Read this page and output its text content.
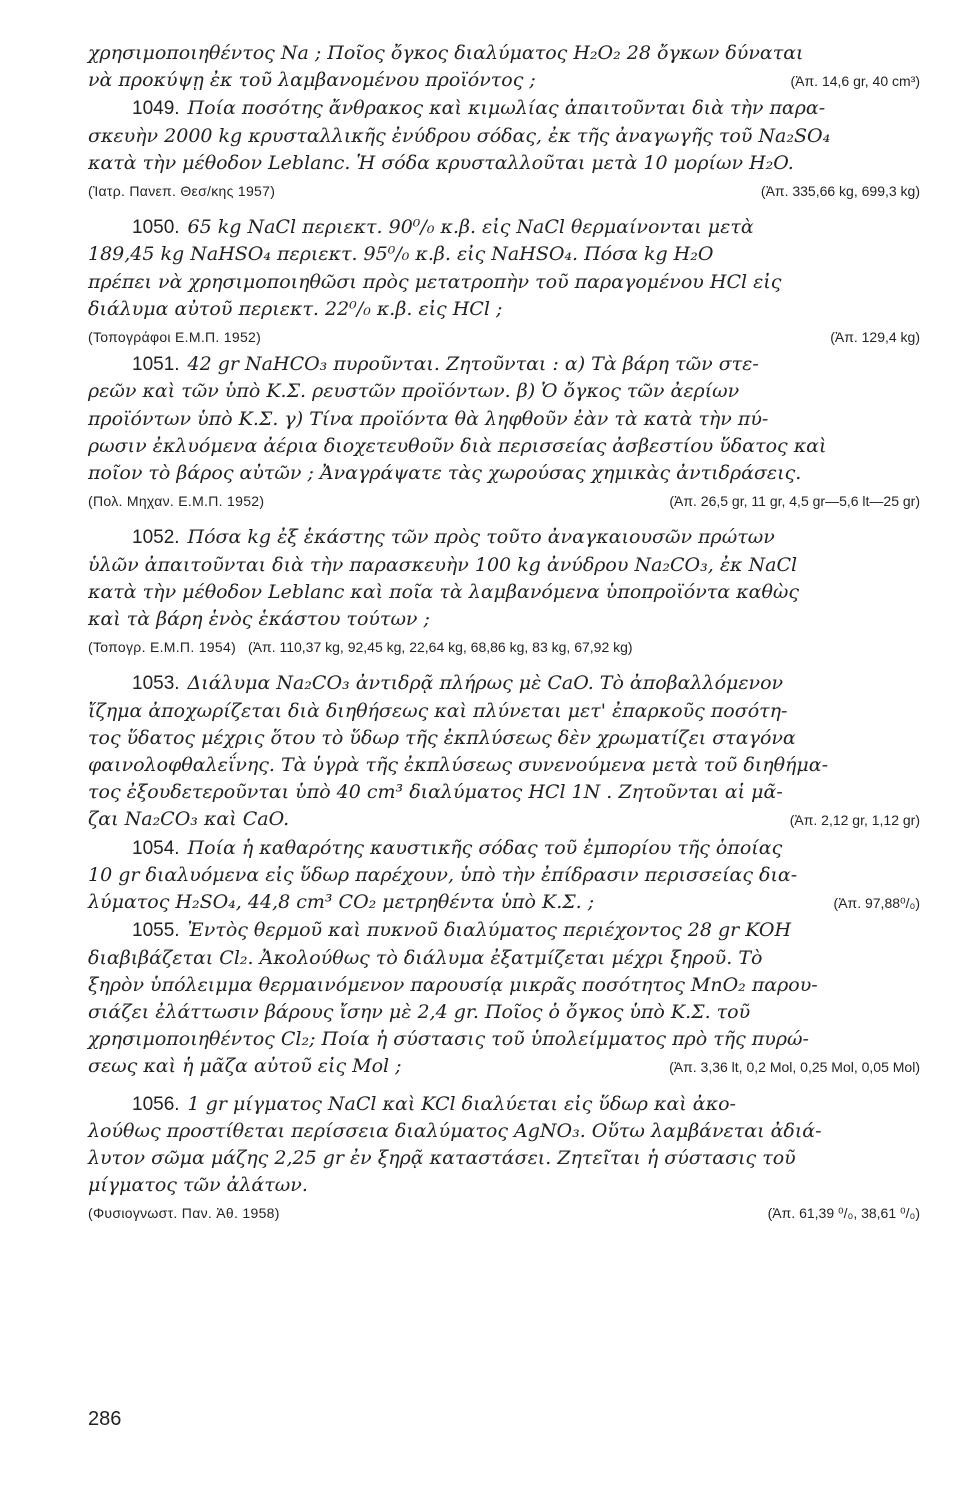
χρησιμοποιηθέντος Na ; Ποῖος ὄγκος διαλύματος H₂O₂ 28 ὄγκων δύναται
νὰ προκύψῃ ἐκ τοῦ λαμβανομένου προϊόντος ;	(Ἀπ. 14,6 gr, 40 cm³)
1049. Ποία ποσότης ἄνθρακος καὶ κιμωλίας ἀπαιτοῦνται διὰ τὴν παρα-
σκευὴν 2000 kg κρυσταλλικῆς ἐνύδρου σόδας, ἐκ τῆς ἀναγωγῆς τοῦ Na₂SO₄
κατὰ τὴν μέθοδον Leblanc. Ἡ σόδα κρυσταλλοῦται μετὰ 10 μορίων H₂O.
(Ἰατρ. Πανεπ. Θεσ/κης 1957)	(Ἀπ. 335,66 kg, 699,3 kg)
1050. 65 kg NaCl περιεκτ. 90⁰/₀ κ.β. εἰς NaCl θερμαίνονται μετὰ
189,45 kg NaHSO₄ περιεκτ. 95⁰/₀ κ.β. εἰς NaHSO₄. Πόσα kg H₂O
πρέπει νὰ χρησιμοποιηθῶσι πρὸς μετατροπὴν τοῦ παραγομένου HCl εἰς
διάλυμα αὐτοῦ περιεκτ. 22⁰/₀ κ.β. εἰς HCl ;
(Τοπογράφοι Ε.Μ.Π. 1952)	(Ἀπ. 129,4 kg)
1051. 42 gr NaHCO₃ πυροῦνται. Ζητοῦνται : α) Τὰ βάρη τῶν στε-
ρεῶν καὶ τῶν ὑπὸ Κ.Σ. ρευστῶν προϊόντων. β) Ὁ ὄγκος τῶν ἀερίων
προϊόντων ὑπὸ Κ.Σ. γ) Τίνα προϊόντα θὰ ληφθοῦν ἐὰν τὰ κατὰ τὴν πύ-
ρωσιν ἐκλυόμενα ἀέρια διοχετευθοῦν διὰ περισσείας ἀσβεστίου ὕδατος καὶ
ποῖον τὸ βάρος αὐτῶν ; Ἀναγράψατε τὰς χωρούσας χημικὰς ἀντιδράσεις.
(Πολ. Μηχαν. Ε.Μ.Π. 1952)	(Ἀπ. 26,5 gr, 11 gr, 4,5 gr—5,6 lt—25 gr)
1052. Πόσα kg ἐξ ἑκάστης τῶν πρὸς τοῦτο ἀναγκαιουσῶν πρώτων
ὑλῶν ἀπαιτοῦνται διὰ τὴν παρασκευὴν 100 kg ἀνύδρου Na₂CO₃, ἐκ NaCl
κατὰ τὴν μέθοδον Leblanc καὶ ποῖα τὰ λαμβανόμενα ὑποπροϊόντα καθὼς
καὶ τὰ βάρη ἑνὸς ἑκάστου τούτων ;
(Τοπογρ. Ε.Μ.Π. 1954) (Ἀπ. 110,37 kg, 92,45 kg, 22,64 kg, 68,86 kg, 83 kg, 67,92 kg)
1053. Διάλυμα Na₂CO₃ ἀντιδρᾷ πλήρως μὲ CaO. Τὸ ἀποβαλλόμενον
ἴζημα ἀποχωρίζεται διὰ διηθήσεως καὶ πλύνεται μετ' ἐπαρκοῦς ποσότη-
τος ὕδατος μέχρις ὅτου τὸ ὕδωρ τῆς ἐκπλύσεως δὲν χρωματίζει σταγόνα
φαινολοφθαλεΐνης. Τὰ ὑγρὰ τῆς ἐκπλύσεως συνενούμενα μετὰ τοῦ διηθήμα-
τος ἐξουδετεροῦνται ὑπὸ 40 cm³ διαλύματος HCl 1N . Ζητοῦνται αἱ μᾶ-
ζαι Na₂CO₃ καὶ CaO.	(Ἀπ. 2,12 gr, 1,12 gr)
1054. Ποία ἡ καθαρότης καυστικῆς σόδας τοῦ ἐμπορίου τῆς ὁποίας
10 gr διαλυόμενα εἰς ὕδωρ παρέχουν, ὑπὸ τὴν ἐπίδρασιν περισσείας δια-
λύματος H₂SO₄, 44,8 cm³ CO₂ μετρηθέντα ὑπὸ Κ.Σ. ;	(Ἀπ. 97,88⁰/₀)
1055. Ἐντὸς θερμοῦ καὶ πυκνοῦ διαλύματος περιέχοντος 28 gr KOH
διαβιβάζεται Cl₂. Ἀκολούθως τὸ διάλυμα ἐξατμίζεται μέχρι ξηροῦ. Τὸ
ξηρὸν ὑπόλειμμα θερμαινόμενον παρουσίᾳ μικρᾶς ποσότητος MnO₂ παρου-
σιάζει ἐλάττωσιν βάρους ἴσην μὲ 2,4 gr. Ποῖος ὁ ὄγκος ὑπὸ Κ.Σ. τοῦ
χρησιμοποιηθέντος Cl₂; Ποία ἡ σύστασις τοῦ ὑπολείμματος πρὸ τῆς πυρώ-
σεως καὶ ἡ μᾶζα αὐτοῦ εἰς Mol ;	(Ἀπ. 3,36 lt, 0,2 Mol, 0,25 Mol, 0,05 Mol)
1056. 1 gr μίγματος NaCl καὶ KCl διαλύεται εἰς ὕδωρ καὶ ἀκο-
λούθως προστίθεται περίσσεια διαλύματος AgNO₃. Οὕτω λαμβάνεται ἀδιά-
λυτον σῶμα μάζης 2,25 gr ἐν ξηρᾷ καταστάσει. Ζητεῖται ἡ σύστασις τοῦ
μίγματος τῶν ἀλάτων.
(Φυσιογνωστ. Παν. Ἀθ. 1958)	(Ἀπ. 61,39 ⁰/₀, 38,61 ⁰/₀)
286
